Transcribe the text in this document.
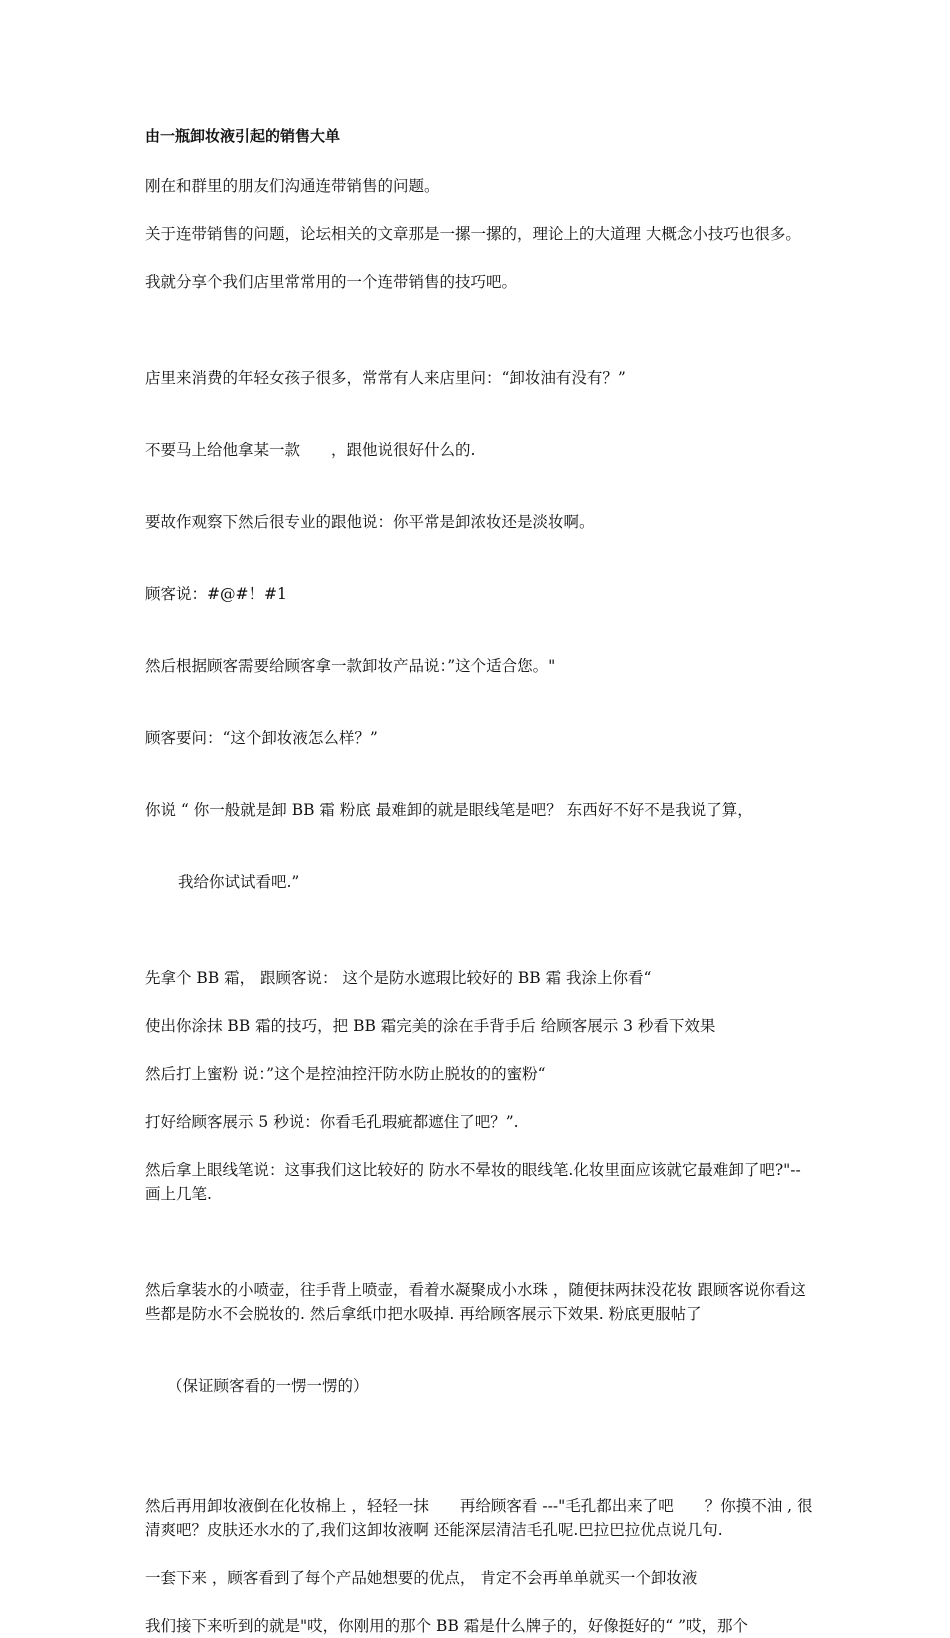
由一瓶卸妆液引起的销售大单
刚在和群里的朋友们沟通连带销售的问题。
关于连带销售的问题，论坛相关的文章那是一摞一摞的，理论上的大道理 大概念小技巧也很多。
我就分享个我们店里常常用的一个连带销售的技巧吧。

店里来消费的年轻女孩子很多，常常有人来店里问：“卸妆油有没有？”

不要马上给他拿某一款　　，跟他说很好什么的.

要故作观察下然后很专业的跟他说：你平常是卸浓妆还是淡妆啊。

顾客说：#@#！#1

然后根据顾客需要给顾客拿一款卸妆产品说：”这个适合您。"

顾客要问：“这个卸妆液怎么样？”

你说 “ 你一般就是卸 BB 霜 粉底 最难卸的就是眼线笔是吧？ 东西好不好不是我说了算，

我给你试试看吧.”

先拿个 BB 霜， 跟顾客说： 这个是防水遮瑕比较好的 BB 霜 我涂上你看“
使出你涂抹 BB 霜的技巧，把 BB 霜完美的涂在手背手后 给顾客展示 3 秒看下效果
然后打上蜜粉 说：”这个是控油控汗防水防止脱妆的的蜜粉“
打好给顾客展示 5 秒说：你看毛孔瑕疵都遮住了吧？”.
然后拿上眼线笔说：这事我们这比较好的 防水不晕妆的眼线笔.化妆里面应该就它最难卸了吧?"--画上几笔.

然后拿装水的小喷壶，往手背上喷壶，看着水凝聚成小水珠 ，随便抹两抹没花妆 跟顾客说你看这些都是防水不会脱妆的. 然后拿纸巾把水吸掉. 再给顾客展示下效果. 粉底更服帖了

（保证顾客看的一愣一愣的）

然后再用卸妆液倒在化妆棉上 ，轻轻一抹　　再给顾客看 ---"毛孔都出来了吧　　？你摸不油 , 很清爽吧？皮肤还水水的了,我们这卸妆液啊 还能深层清洁毛孔呢.巴拉巴拉优点说几句.
一套下来 ，顾客看到了每个产品她想要的优点， 肯定不会再单单就买一个卸妆液
我们接下来听到的就是"哎，你刚用的那个 BB 霜是什么牌子的，好像挺好的“ ”哎，那个
